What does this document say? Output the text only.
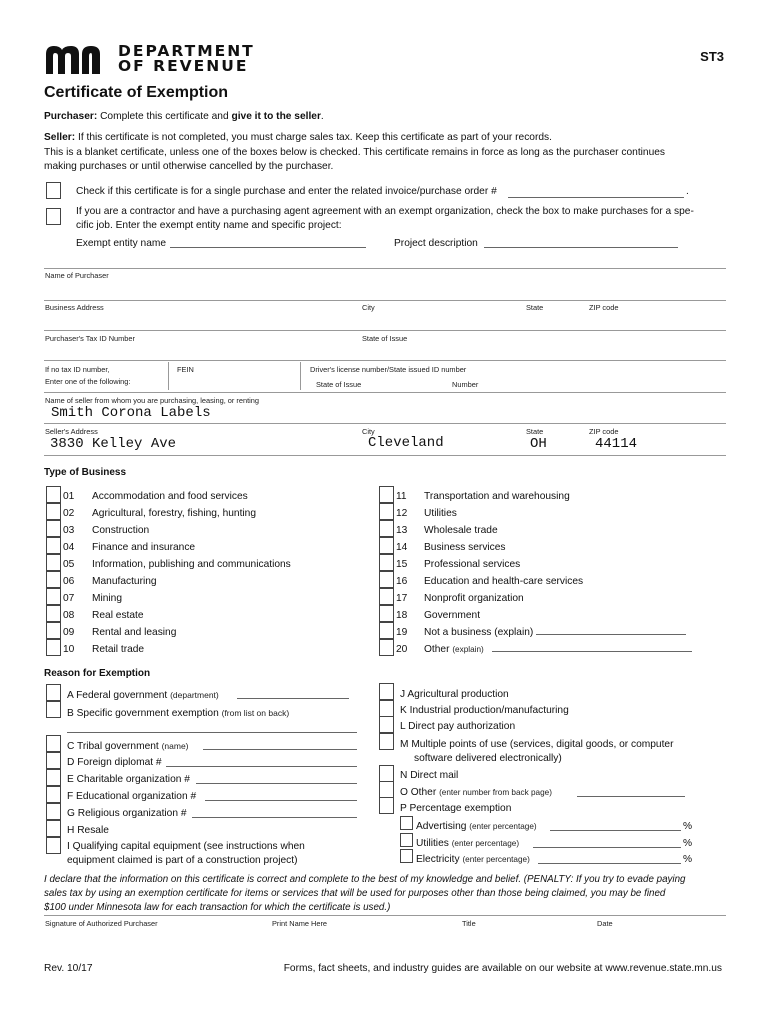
DEPARTMENT
OF REVENUE
ST3
Certificate of Exemption
Purchaser: Complete this certificate and give it to the seller.
Seller: If this certificate is not completed, you must charge sales tax. Keep this certificate as part of your records.
This is a blanket certificate, unless one of the boxes below is checked. This certificate remains in force as long as the purchaser continues
making purchases or until otherwise cancelled by the purchaser.
Check if this certificate is for a single purchase and enter the related invoice/purchase order #	.
If you are a contractor and have a purchasing agent agreement with an exempt organization, check the box to make purchases for a spe-
cific job. Enter the exempt entity name and specific project:
Exempt entity name	Project description
Name of Purchaser
Business Address	City	State	ZIP code
Purchaser's Tax ID Number	State of Issue
If no tax ID number,
Enter one of the following:
FEIN	Driver's license number/State issued ID number
State of Issue	Number
Name of seller from whom you are purchasing, leasing, or renting
Smith Corona Labels
Seller's Address	City	State	ZIP code
3830 Kelley Ave	Cleveland	OH	44114
Type of Business
01 Accommodation and food services
02 Agricultural, forestry, fishing, hunting
03 Construction
04 Finance and insurance
05 Information, publishing and communications
06 Manufacturing
07 Mining
08 Real estate
09 Rental and leasing
10 Retail trade
11 Transportation and warehousing
12 Utilities
13 Wholesale trade
14 Business services
15 Professional services
16 Education and health-care services
17 Nonprofit organization
18 Government
19 Not a business (explain)
20 Other (explain)
Reason for Exemption
A Federal government (department)
B Specific government exemption (from list on back)
C Tribal government (name)
D Foreign diplomat #
E Charitable organization #
F Educational organization #
G Religious organization #
H Resale
I Qualifying capital equipment (see instructions when
equipment claimed is part of a construction project)
J Agricultural production
K Industrial production/manufacturing
L Direct pay authorization
M Multiple points of use (services, digital goods, or computer
software delivered electronically)
N Direct mail
O Other (enter number from back page)
P Percentage exemption
Advertising (enter percentage)	%
Utilities (enter percentage)	%
Electricity (enter percentage)	%
I declare that the information on this certificate is correct and complete to the best of my knowledge and belief. (PENALTY: If you try to evade paying
sales tax by using an exemption certificate for items or services that will be used for purposes other than those being claimed, you may be fined
$100 under Minnesota law for each transaction for which the certificate is used.)
Signature of Authorized Purchaser	Print Name Here	Title	Date
Rev. 10/17	Forms, fact sheets, and industry guides are available on our website at www.revenue.state.mn.us
